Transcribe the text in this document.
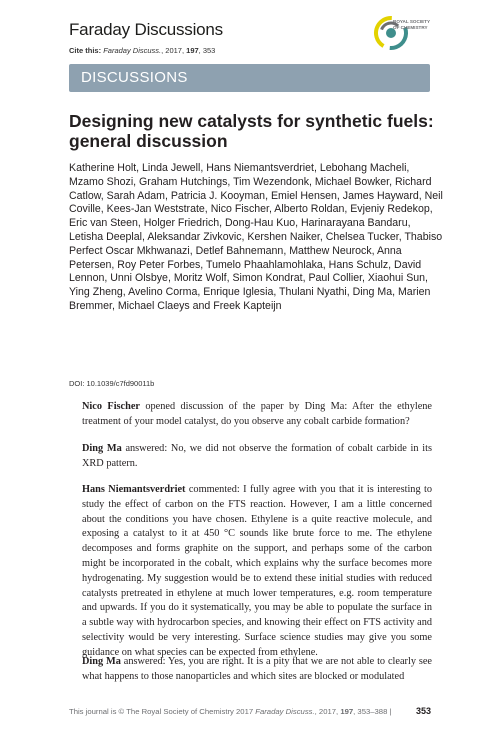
Faraday Discussions
Cite this: Faraday Discuss., 2017, 197, 353
ROYAL SOCIETY
OF CHEMISTRY
DISCUSSIONS
Designing new catalysts for synthetic fuels: general discussion
Katherine Holt, Linda Jewell, Hans Niemantsverdriet, Lebohang Macheli, Mzamo Shozi, Graham Hutchings, Tim Wezendonk, Michael Bowker, Richard Catlow, Sarah Adam, Patricia J. Kooyman, Emiel Hensen, James Hayward, Neil Coville, Kees-Jan Weststrate, Nico Fischer, Alberto Roldan, Evjeniy Redekop, Eric van Steen, Holger Friedrich, Dong-Hau Kuo, Harinarayana Bandaru, Letisha Deeplal, Aleksandar Zivkovic, Kershen Naiker, Chelsea Tucker, Thabiso Perfect Oscar Mkhwanazi, Detlef Bahnemann, Matthew Neurock, Anna Petersen, Roy Peter Forbes, Tumelo Phaahlamohlaka, Hans Schulz, David Lennon, Unni Olsbye, Moritz Wolf, Simon Kondrat, Paul Collier, Xiaohui Sun, Ying Zheng, Avelino Corma, Enrique Iglesia, Thulani Nyathi, Ding Ma, Marien Bremmer, Michael Claeys and Freek Kapteijn
DOI: 10.1039/c7fd90011b

Nico Fischer opened discussion of the paper by Ding Ma: After the ethylene treatment of your model catalyst, do you observe any cobalt carbide formation?

Ding Ma answered: No, we did not observe the formation of cobalt carbide in its XRD pattern.

Hans Niemantsverdriet commented: I fully agree with you that it is interesting to study the effect of carbon on the FTS reaction. However, I am a little concerned about the conditions you have chosen. Ethylene is a quite reactive molecule, and exposing a catalyst to it at 450 °C sounds like brute force to me. The ethylene decomposes and forms graphite on the support, and perhaps some of the carbon might be incorporated in the cobalt, which explains why the surface becomes more hydrogenating. My suggestion would be to extend these initial studies with reduced catalysts pretreated in ethylene at much lower temperatures, e.g. room temperature and upwards. If you do it systematically, you may be able to populate the surface in a subtle way with hydrocarbon species, and knowing their effect on FTS activity and selectivity would be very interesting. Surface science studies may give you some guidance on what species can be expected from ethylene.

Ding Ma answered: Yes, you are right. It is a pity that we are not able to clearly see what happens to those nanoparticles and which sites are blocked or modulated

This journal is © The Royal Society of Chemistry 2017 Faraday Discuss., 2017, 197, 353–388 |	353
